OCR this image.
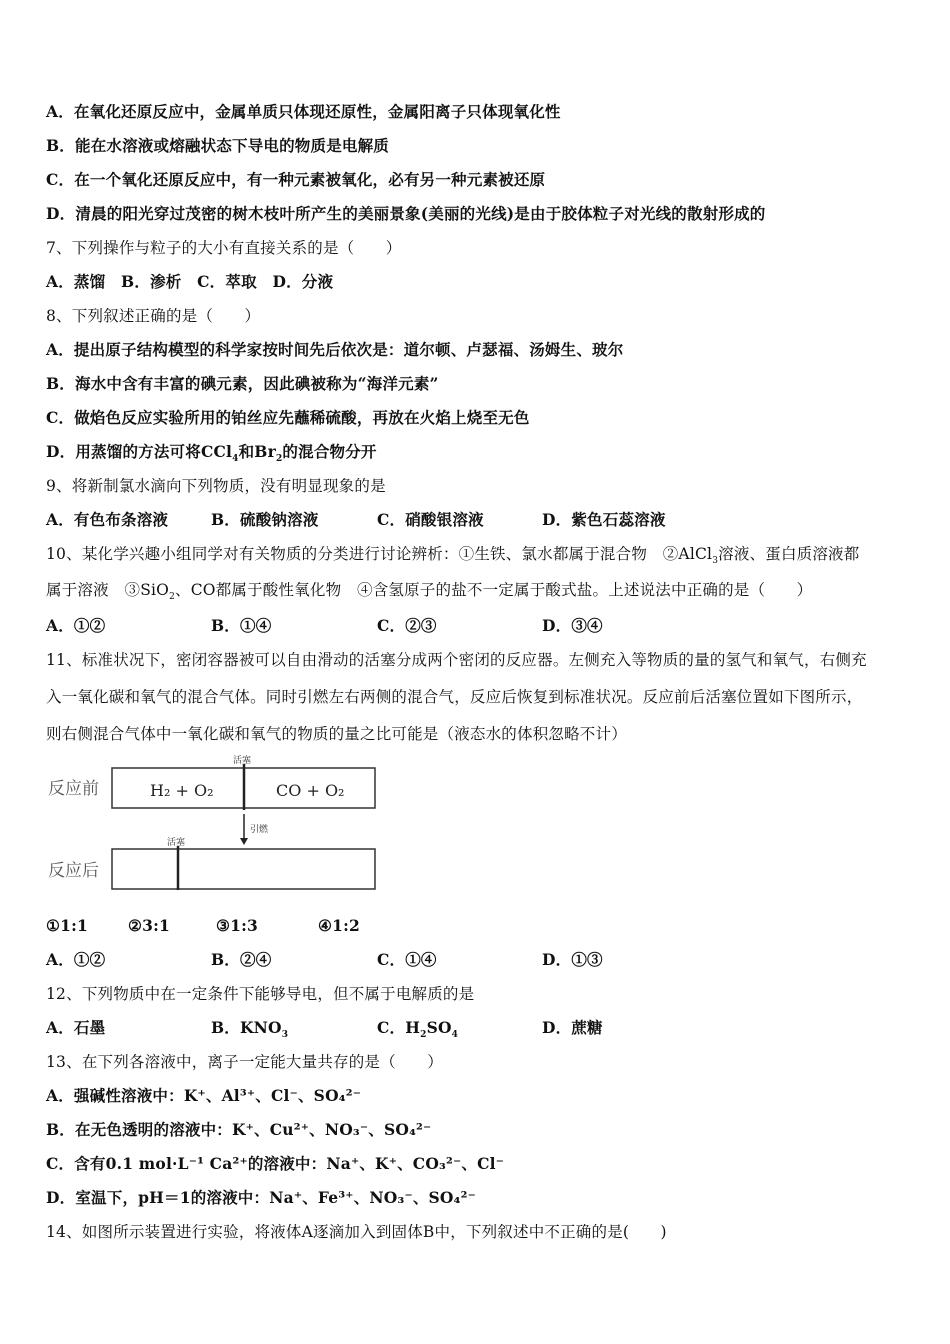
A．在氧化还原反应中，金属单质只体现还原性，金属阳离子只体现氧化性
B．能在水溶液或熔融状态下导电的物质是电解质
C．在一个氧化还原反应中，有一种元素被氧化，必有另一种元素被还原
D．清晨的阳光穿过茂密的树木枝叶所产生的美丽景象(美丽的光线)是由于胶体粒子对光线的散射形成的
7、下列操作与粒子的大小有直接关系的是（　　）
A．蒸馏　B．渗析　C．萃取　D．分液
8、下列叙述正确的是（　　）
A．提出原子结构模型的科学家按时间先后依次是：道尔顿、卢瑟福、汤姆生、玻尔
B．海水中含有丰富的碘元素，因此碘被称为“海洋元素”
C．做焰色反应实验所用的铂丝应先蘸稀硫酸，再放在火焰上烧至无色
D．用蒸馏的方法可将CCl$_4$和$Br_2$的混合物分开
9、将新制氯水滴向下列物质，没有明显现象的是
A．有色布条溶液	B．硫酸钠溶液	C．硝酸银溶液	D．紫色石蕊溶液
10、某化学兴趣小组同学对有关物质的分类进行讨论辨析：①生铁、氯水都属于混合物　②AlCl$_3$溶液、蛋白质溶液都
属于溶液　③SiO$_2$、CO都属于酸性氧化物　④含氢原子的盐不一定属于酸式盐。上述说法中正确的是（　　）
A．①②	B．①④	C．②③	D．③④
11、标准状况下，密闭容器被可以自由滑动的活塞分成两个密闭的反应器。左侧充入等物质的量的氢气和氧气，右侧充
入一氧化碳和氧气的混合气体。同时引燃左右两侧的混合气，反应后恢复到标准状况。反应前后活塞位置如下图所示，
则右侧混合气体中一氧化碳和氧气的物质的量之比可能是（液态水的体积忽略不计）
反应前
活塞
H₂ + O₂	CO + O₂
引燃
反应后
活塞
①1:1	②3:1	③1:3	④1:2
A．①②	B．②④	C．①④	D．①③
12、下列物质中在一定条件下能够导电，但不属于电解质的是
A．石墨	B．$KNO_3$	C．$H_2SO_4$	D．蔗糖
13、在下列各溶液中，离子一定能大量共存的是（　　）
A．强碱性溶液中：K⁺、Al³⁺、Cl⁻、SO₄²⁻
B．在无色透明的溶液中：K⁺、Cu²⁺、NO₃⁻、SO₄²⁻
C．含有0.1 mol·L⁻¹ Ca²⁺的溶液中：Na⁺、K⁺、CO₃²⁻、Cl⁻
D．室温下，pH＝1的溶液中：Na⁺、Fe³⁺、NO₃⁻、SO₄²⁻
14、如图所示装置进行实验，将液体A逐滴加入到固体B中，下列叙述中不正确的是(　　)
